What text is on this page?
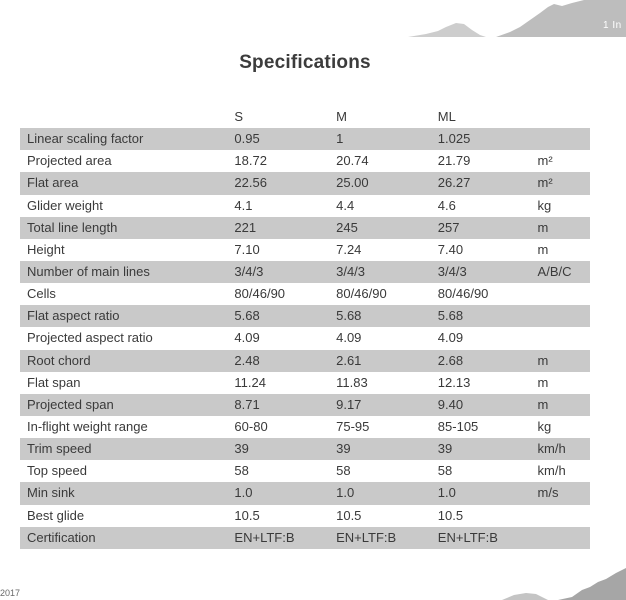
1 In
Specifications
	S	M	ML	
Linear scaling factor	0.95	1	1.025	
Projected area	18.72	20.74	21.79	m²
Flat area	22.56	25.00	26.27	m²
Glider weight	4.1	4.4	4.6	kg
Total line length	221	245	257	m
Height	7.10	7.24	7.40	m
Number of main lines	3/4/3	3/4/3	3/4/3	A/B/C
Cells	80/46/90	80/46/90	80/46/90	
Flat aspect ratio	5.68	5.68	5.68	
Projected aspect ratio	4.09	4.09	4.09	
Root chord	2.48	2.61	2.68	m
Flat span	11.24	11.83	12.13	m
Projected span	8.71	9.17	9.40	m
In-flight weight range	60-80	75-95	85-105	kg
Trim speed	39	39	39	km/h
Top speed	58	58	58	km/h
Min sink	1.0	1.0	1.0	m/s
Best glide	10.5	10.5	10.5	
Certification	EN+LTF:B	EN+LTF:B	EN+LTF:B	
2017
